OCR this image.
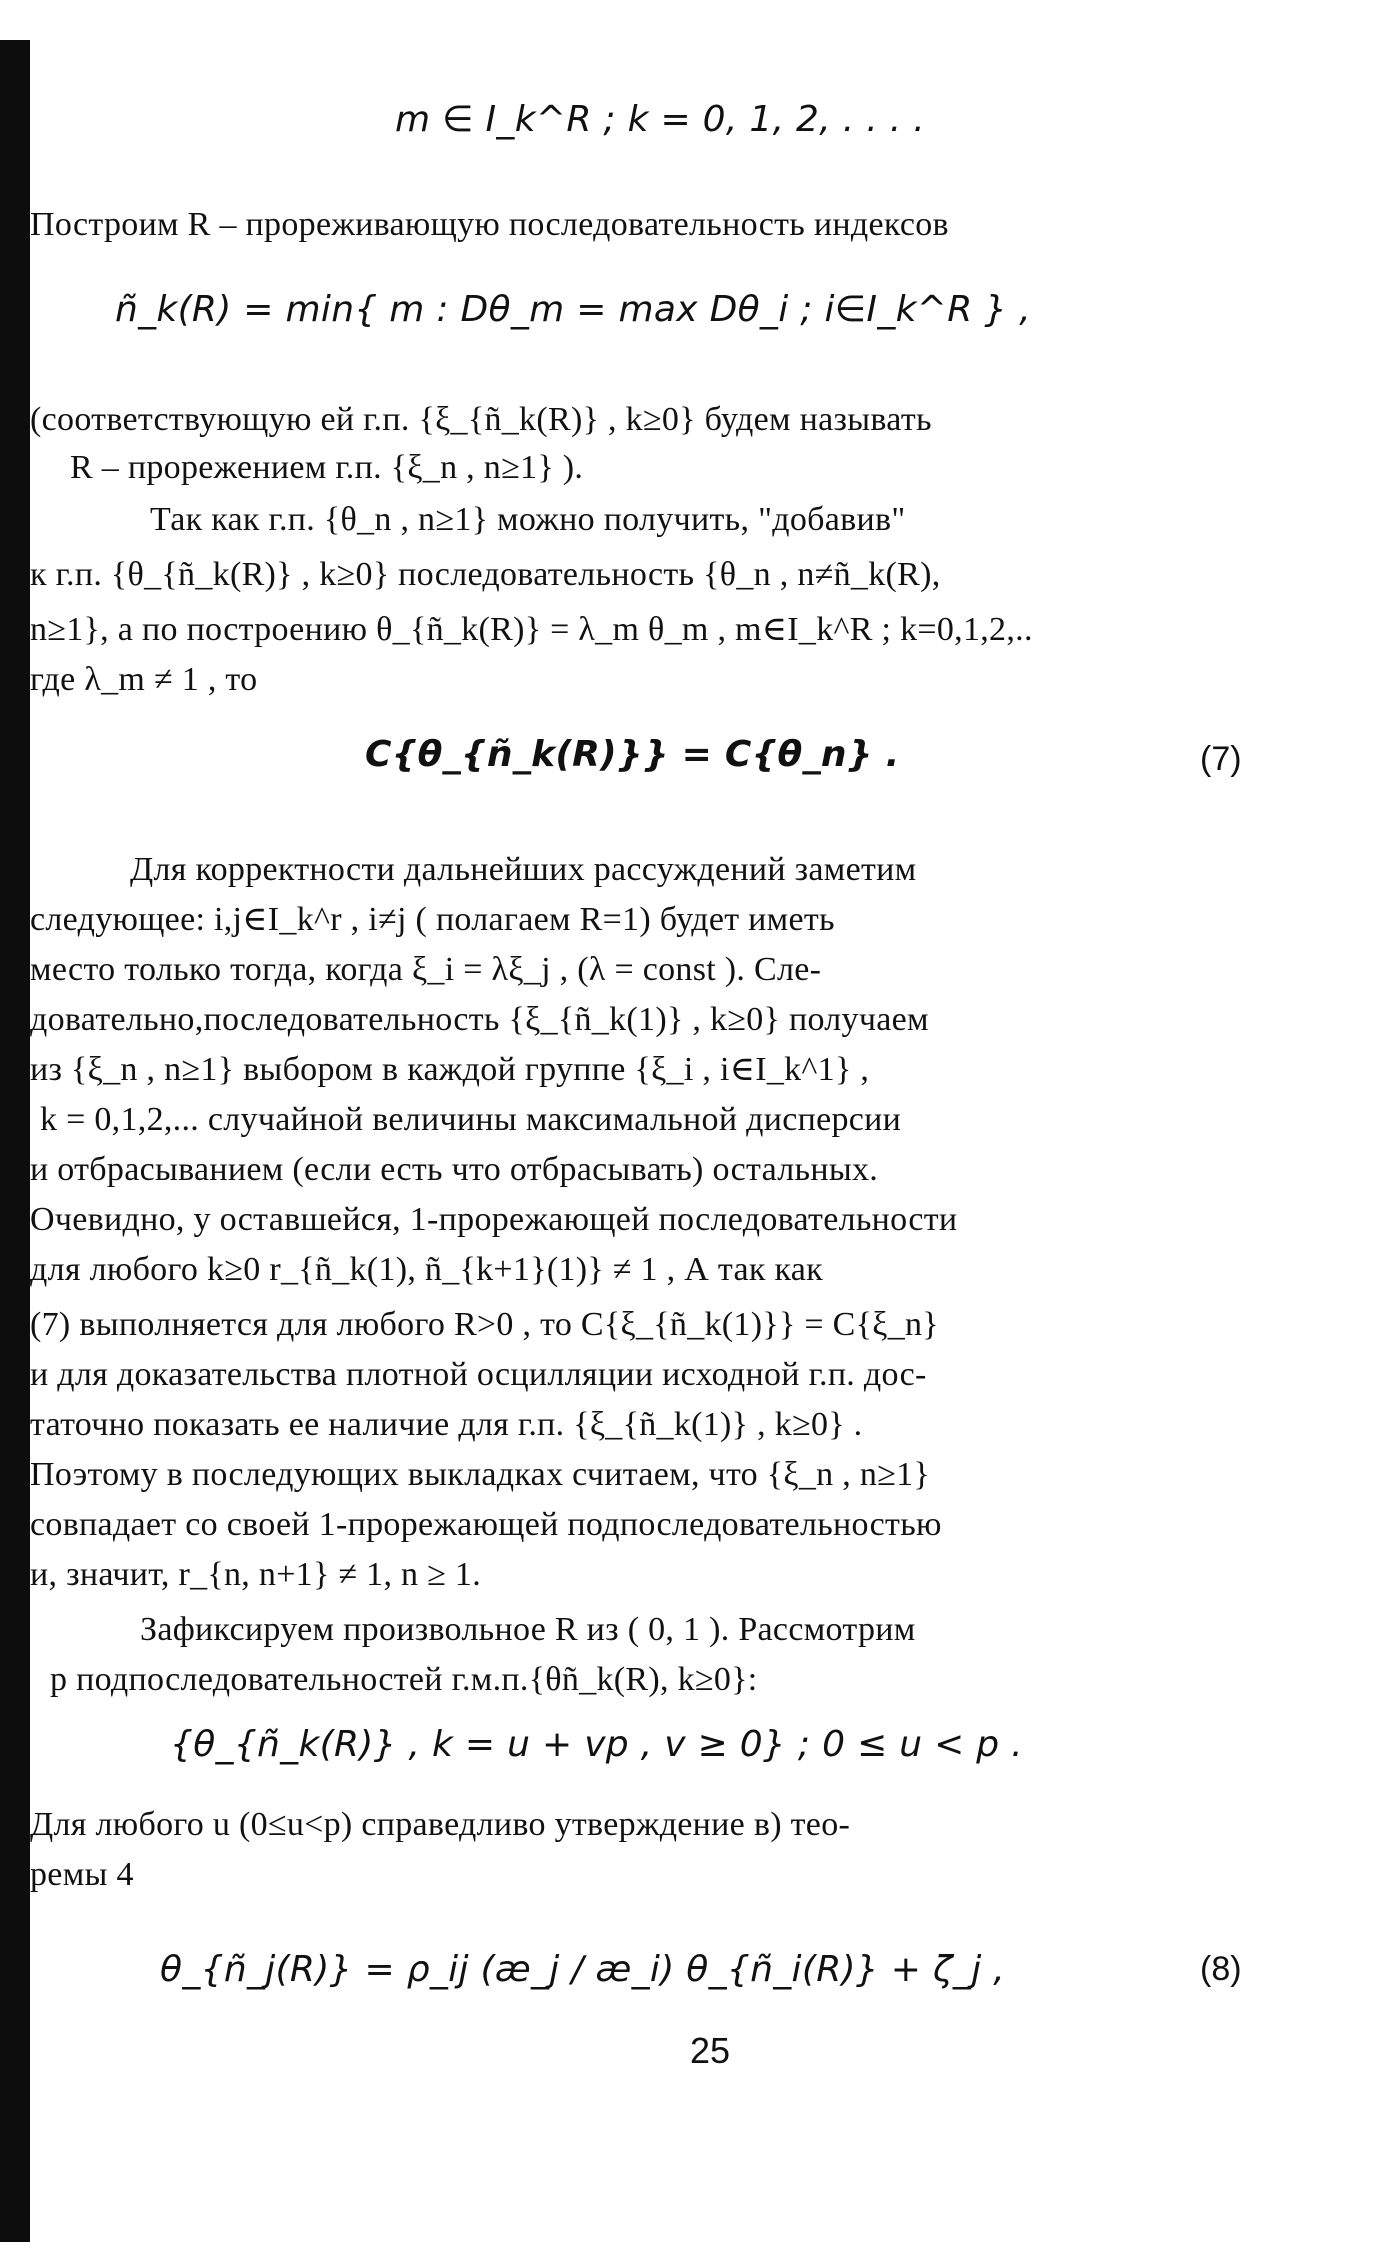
m ∈ I_k^R ; k = 0, 1, 2, . . . .
Построим R – прореживающую последовательность индексов
ñ_k(R) = min{ m : Dθ_m = max Dθ_i ; i∈I_k^R } ,
(соответствующую ей г.п. {ξ_{ñ_k(R)} , k≥0} будем называть
R – прорежением г.п. {ξ_n , n≥1} ).
Так как г.п. {θ_n , n≥1} можно получить, "добавив"
к г.п. {θ_{ñ_k(R)} , k≥0} последовательность {θ_n , n≠ñ_k(R),
n≥1}, а по построению θ_{ñ_k(R)} = λ_m θ_m , m∈I_k^R ; k=0,1,2,..
где λ_m ≠ 1 , то
C{θ_{ñ_k(R)}} = C{θ_n} .	(7)
Для корректности дальнейших рассуждений заметим
следующее: i,j∈I_k^r , i≠j ( полагаем R=1) будет иметь
место только тогда, когда ξ_i = λξ_j , (λ = const ). Сле-
довательно,последовательность {ξ_{ñ_k(1)} , k≥0} получаем
из {ξ_n , n≥1} выбором в каждой группе {ξ_i , i∈I_k^1} ,
k = 0,1,2,... случайной величины максимальной дисперсии
и отбрасыванием (если есть что отбрасывать) остальных.
Очевидно, у оставшейся, 1-прорежающей последовательности
для любого k≥0 r_{ñ_k(1), ñ_{k+1}(1)} ≠ 1 , А так как
(7) выполняется для любого R>0 , то C{ξ_{ñ_k(1)}} = C{ξ_n}
и для доказательства плотной осцилляции исходной г.п. дос-
таточно показать ее наличие для г.п. {ξ_{ñ_k(1)} , k≥0} .
Поэтому в последующих выкладках считаем, что {ξ_n , n≥1}
совпадает со своей 1-прорежающей подпоследовательностью
и, значит, r_{n, n+1} ≠ 1, n ≥ 1.
Зафиксируем произвольное R из ( 0, 1 ). Рассмотрим
p подпоследовательностей г.м.п.{θñ_k(R), k≥0}:
{θ_{ñ_k(R)} , k = u + vp , v ≥ 0} ; 0 ≤ u < p .
Для любого u (0≤u<p) справедливо утверждение в) тео-
ремы 4
θ_{ñ_j(R)} = ρ_ij (æ_j / æ_i) θ_{ñ_i(R)} + ζ_j ,	(8)
25
